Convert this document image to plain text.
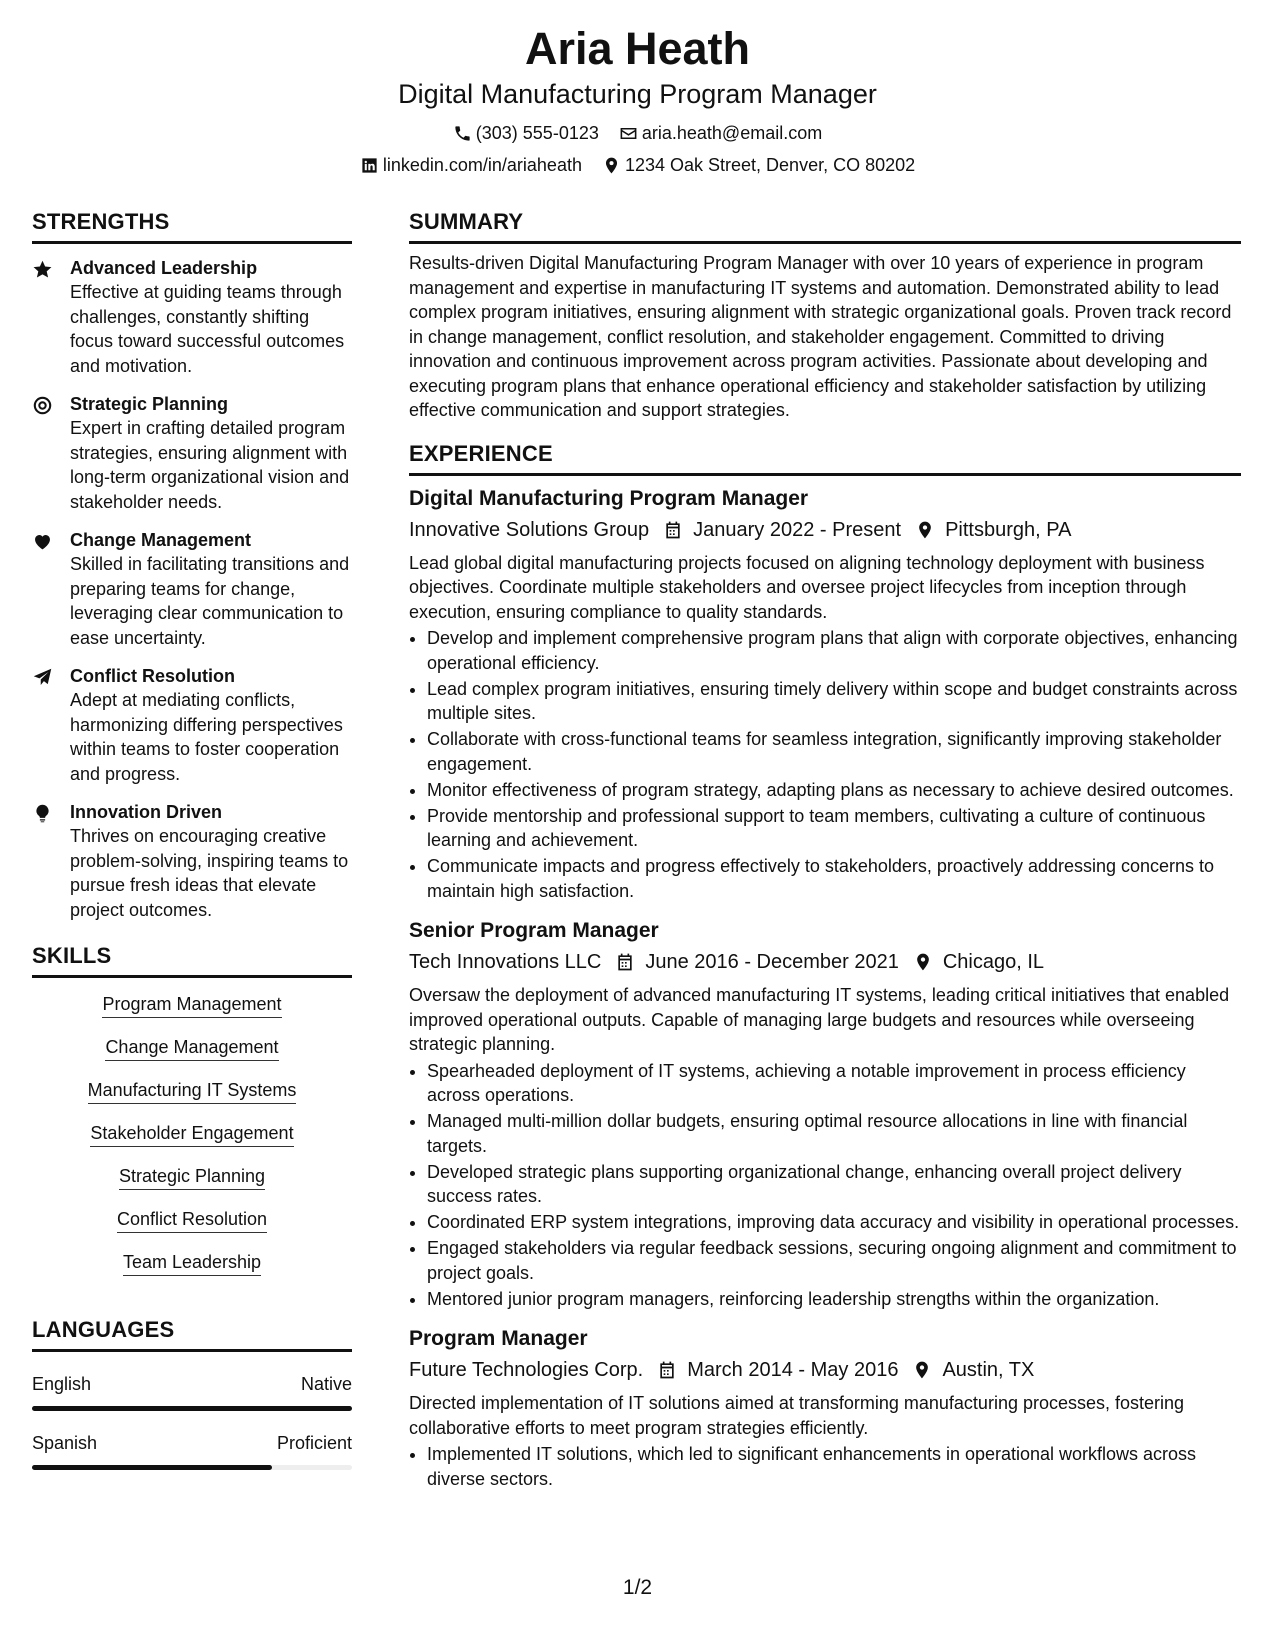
Aria Heath
Digital Manufacturing Program Manager
(303) 555-0123 aria.heath@email.com
linkedin.com/in/ariaheath 1234 Oak Street, Denver, CO 80202
STRENGTHS
Advanced Leadership
Effective at guiding teams through challenges, constantly shifting focus toward successful outcomes and motivation.
Strategic Planning
Expert in crafting detailed program strategies, ensuring alignment with long-term organizational vision and stakeholder needs.
Change Management
Skilled in facilitating transitions and preparing teams for change, leveraging clear communication to ease uncertainty.
Conflict Resolution
Adept at mediating conflicts, harmonizing differing perspectives within teams to foster cooperation and progress.
Innovation Driven
Thrives on encouraging creative problem-solving, inspiring teams to pursue fresh ideas that elevate project outcomes.
SKILLS
Program Management
Change Management
Manufacturing IT Systems
Stakeholder Engagement
Strategic Planning
Conflict Resolution
Team Leadership
LANGUAGES
English	Native
Spanish	Proficient
SUMMARY
Results-driven Digital Manufacturing Program Manager with over 10 years of experience in program management and expertise in manufacturing IT systems and automation. Demonstrated ability to lead complex program initiatives, ensuring alignment with strategic organizational goals. Proven track record in change management, conflict resolution, and stakeholder engagement. Committed to driving innovation and continuous improvement across program activities. Passionate about developing and executing program plans that enhance operational efficiency and stakeholder satisfaction by utilizing effective communication and support strategies.
EXPERIENCE
Digital Manufacturing Program Manager
Innovative Solutions Group January 2022 - Present Pittsburgh, PA
Lead global digital manufacturing projects focused on aligning technology deployment with business objectives. Coordinate multiple stakeholders and oversee project lifecycles from inception through execution, ensuring compliance to quality standards.
• Develop and implement comprehensive program plans that align with corporate objectives, enhancing operational efficiency.
• Lead complex program initiatives, ensuring timely delivery within scope and budget constraints across multiple sites.
• Collaborate with cross-functional teams for seamless integration, significantly improving stakeholder engagement.
• Monitor effectiveness of program strategy, adapting plans as necessary to achieve desired outcomes.
• Provide mentorship and professional support to team members, cultivating a culture of continuous learning and achievement.
• Communicate impacts and progress effectively to stakeholders, proactively addressing concerns to maintain high satisfaction.
Senior Program Manager
Tech Innovations LLC June 2016 - December 2021 Chicago, IL
Oversaw the deployment of advanced manufacturing IT systems, leading critical initiatives that enabled improved operational outputs. Capable of managing large budgets and resources while overseeing strategic planning.
• Spearheaded deployment of IT systems, achieving a notable improvement in process efficiency across operations.
• Managed multi-million dollar budgets, ensuring optimal resource allocations in line with financial targets.
• Developed strategic plans supporting organizational change, enhancing overall project delivery success rates.
• Coordinated ERP system integrations, improving data accuracy and visibility in operational processes.
• Engaged stakeholders via regular feedback sessions, securing ongoing alignment and commitment to project goals.
• Mentored junior program managers, reinforcing leadership strengths within the organization.
Program Manager
Future Technologies Corp. March 2014 - May 2016 Austin, TX
Directed implementation of IT solutions aimed at transforming manufacturing processes, fostering collaborative efforts to meet program strategies efficiently.
• Implemented IT solutions, which led to significant enhancements in operational workflows across diverse sectors.
1/2
